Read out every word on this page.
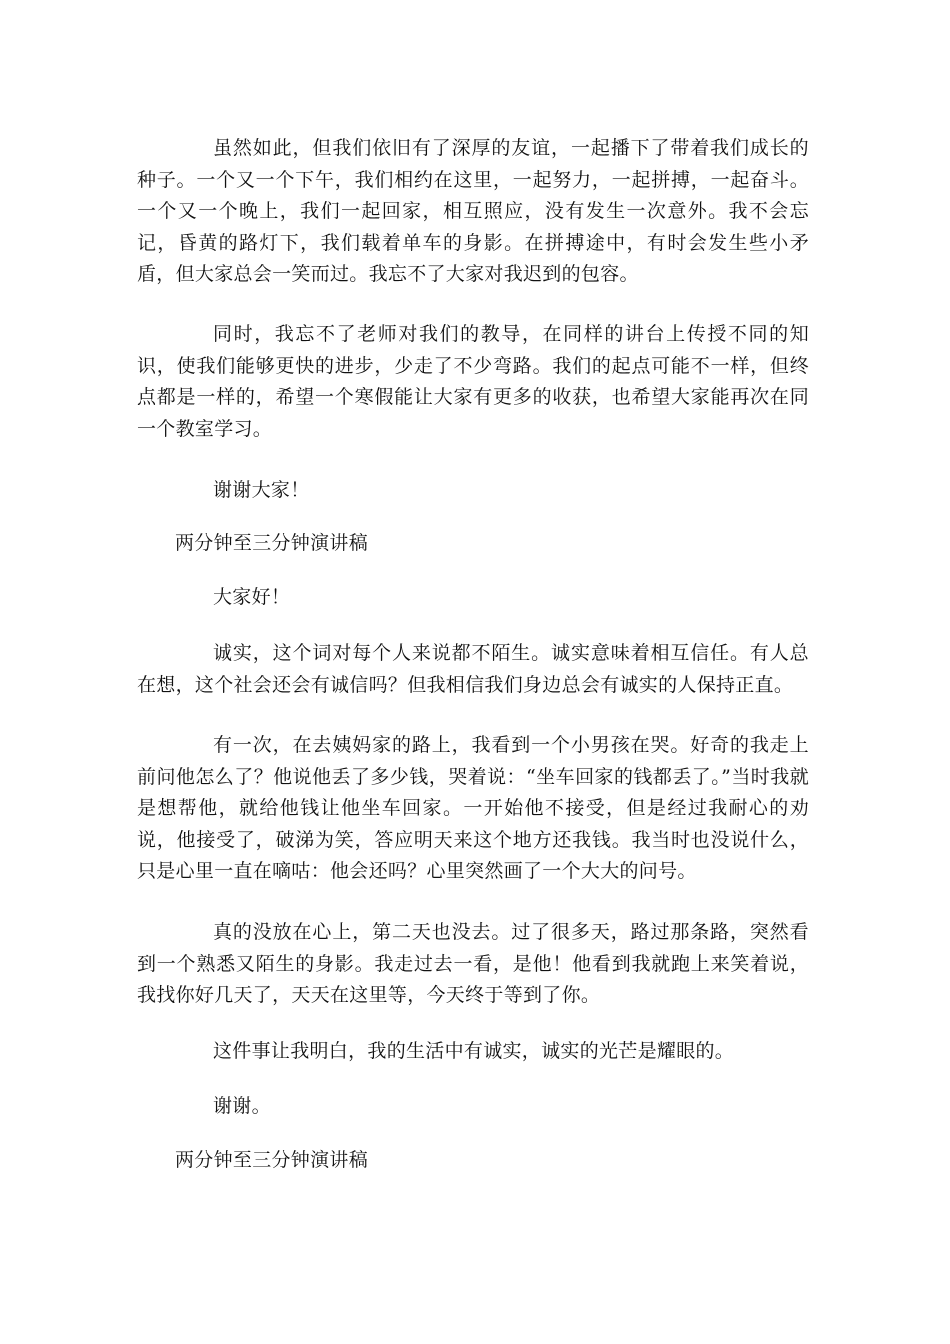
虽然如此，但我们依旧有了深厚的友谊，一起播下了带着我们成长的种子。一个又一个下午，我们相约在这里，一起努力，一起拼搏，一起奋斗。一个又一个晚上，我们一起回家，相互照应，没有发生一次意外。我不会忘记，昏黄的路灯下，我们载着单车的身影。在拼搏途中，有时会发生些小矛盾，但大家总会一笑而过。我忘不了大家对我迟到的包容。

同时，我忘不了老师对我们的教导，在同样的讲台上传授不同的知识，使我们能够更快的进步，少走了不少弯路。我们的起点可能不一样，但终点都是一样的，希望一个寒假能让大家有更多的收获，也希望大家能再次在同一个教室学习。

谢谢大家！

两分钟至三分钟演讲稿

大家好！

诚实，这个词对每个人来说都不陌生。诚实意味着相互信任。有人总在想，这个社会还会有诚信吗？但我相信我们身边总会有诚实的人保持正直。

有一次，在去姨妈家的路上，我看到一个小男孩在哭。好奇的我走上前问他怎么了？他说他丢了多少钱，哭着说：“坐车回家的钱都丢了。”当时我就是想帮他，就给他钱让他坐车回家。一开始他不接受，但是经过我耐心的劝说，他接受了，破涕为笑，答应明天来这个地方还我钱。我当时也没说什么，只是心里一直在嘀咕：他会还吗？心里突然画了一个大大的问号。

真的没放在心上，第二天也没去。过了很多天，路过那条路，突然看到一个熟悉又陌生的身影。我走过去一看，是他！他看到我就跑上来笑着说，我找你好几天了，天天在这里等，今天终于等到了你。

这件事让我明白，我的生活中有诚实，诚实的光芒是耀眼的。

谢谢。

两分钟至三分钟演讲稿
